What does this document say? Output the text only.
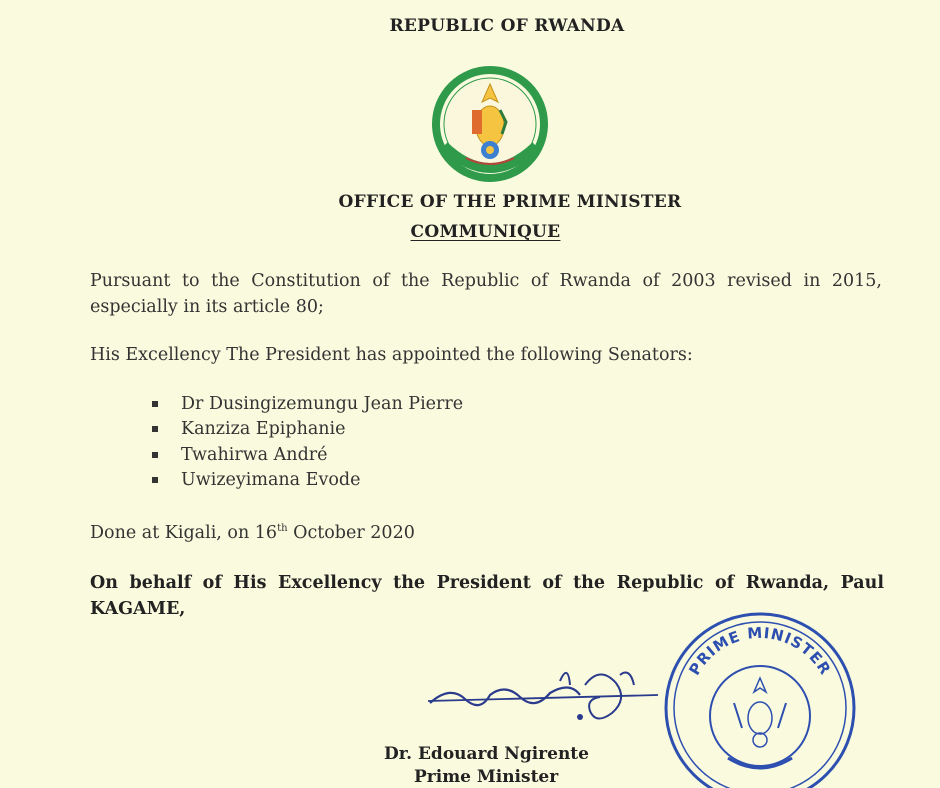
REPUBLIC OF RWANDA
OFFICE OF THE PRIME MINISTER
COMMUNIQUE
Pursuant to the Constitution of the Republic of Rwanda of 2003 revised in 2015,
especially in its article 80;
His Excellency The President has appointed the following Senators:
Dr Dusingizemungu Jean Pierre
Kanziza Epiphanie
Twahirwa André
Uwizeyimana Evode
Done at Kigali, on 16th October 2020
On behalf of His Excellency the President of the Republic of Rwanda, Paul
KAGAME,
Dr. Edouard Ngirente
Prime Minister
PRIME MINISTER
